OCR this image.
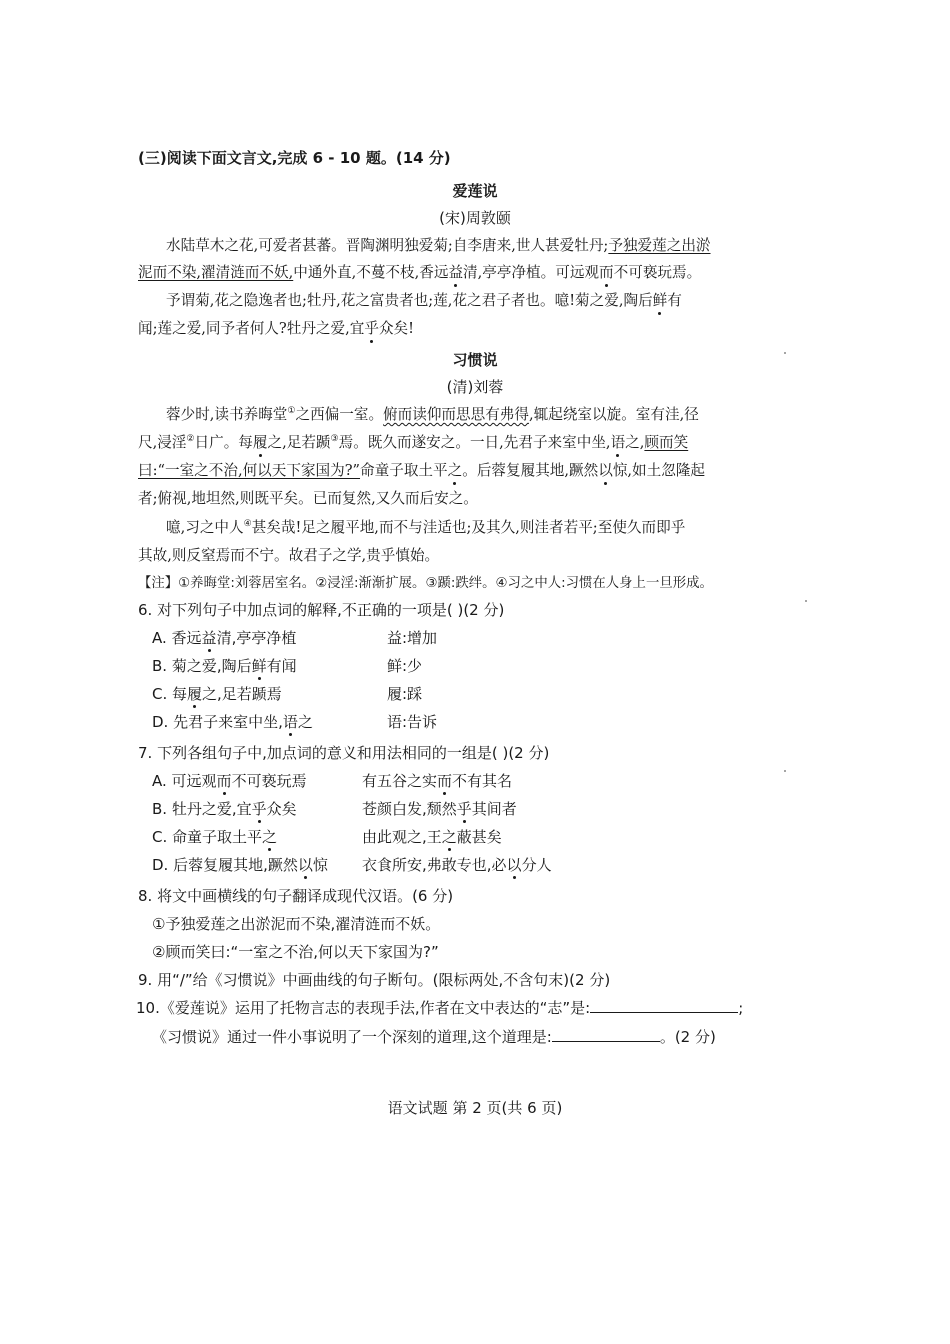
(三)阅读下面文言文,完成 6 - 10 题。(14 分)
爱莲说
(宋)周敦颐
水陆草木之花,可爱者甚蕃。晋陶渊明独爱菊;自李唐来,世人甚爱牡丹;予独爱莲之出淤
泥而不染,濯清涟而不妖,中通外直,不蔓不枝,香远益清,亭亭净植。可远观而不可亵玩焉。
予谓菊,花之隐逸者也;牡丹,花之富贵者也;莲,花之君子者也。噫!菊之爱,陶后鲜有
闻;莲之爱,同予者何人?牡丹之爱,宜乎众矣!
习惯说
(清)刘蓉
蓉少时,读书养晦堂①之西偏一室。俯而读仰而思思有弗得,辄起绕室以旋。室有洼,径
尺,浸淫②日广。每履之,足若踬③焉。既久而遂安之。一日,先君子来室中坐,语之,顾而笑
曰:“一室之不治,何以天下家国为?”命童子取土平之。后蓉复履其地,蹶然以惊,如土忽隆起
者;俯视,地坦然,则既平矣。已而复然,又久而后安之。
噫,习之中人④甚矣哉!足之履平地,而不与洼适也;及其久,则洼者若平;至使久而即乎
其故,则反窒焉而不宁。故君子之学,贵乎慎始。
【注】①养晦堂:刘蓉居室名。②浸淫:渐渐扩展。③踬:跌绊。④习之中人:习惯在人身上一旦形成。
6. 对下列句子中加点词的解释,不正确的一项是( )(2 分)
A. 香远益清,亭亭净植	益:增加
B. 菊之爱,陶后鲜有闻	鲜:少
C. 每履之,足若踬焉	履:踩
D. 先君子来室中坐,语之	语:告诉
7. 下列各组句子中,加点词的意义和用法相同的一组是( )(2 分)
A. 可远观而不可亵玩焉	有五谷之实而不有其名
B. 牡丹之爱,宜乎众矣	苍颜白发,颓然乎其间者
C. 命童子取土平之	由此观之,王之蔽甚矣
D. 后蓉复履其地,蹶然以惊 衣食所安,弗敢专也,必以分人
8. 将文中画横线的句子翻译成现代汉语。(6 分)
①予独爱莲之出淤泥而不染,濯清涟而不妖。
②顾而笑曰:“一室之不治,何以天下家国为?”
9. 用“/”给《习惯说》中画曲线的句子断句。(限标两处,不含句末)(2 分)
10.《爱莲说》运用了托物言志的表现手法,作者在文中表达的“志”是:	;
《习惯说》通过一件小事说明了一个深刻的道理,这个道理是:	。(2 分)
语文试题 第 2 页(共 6 页)
